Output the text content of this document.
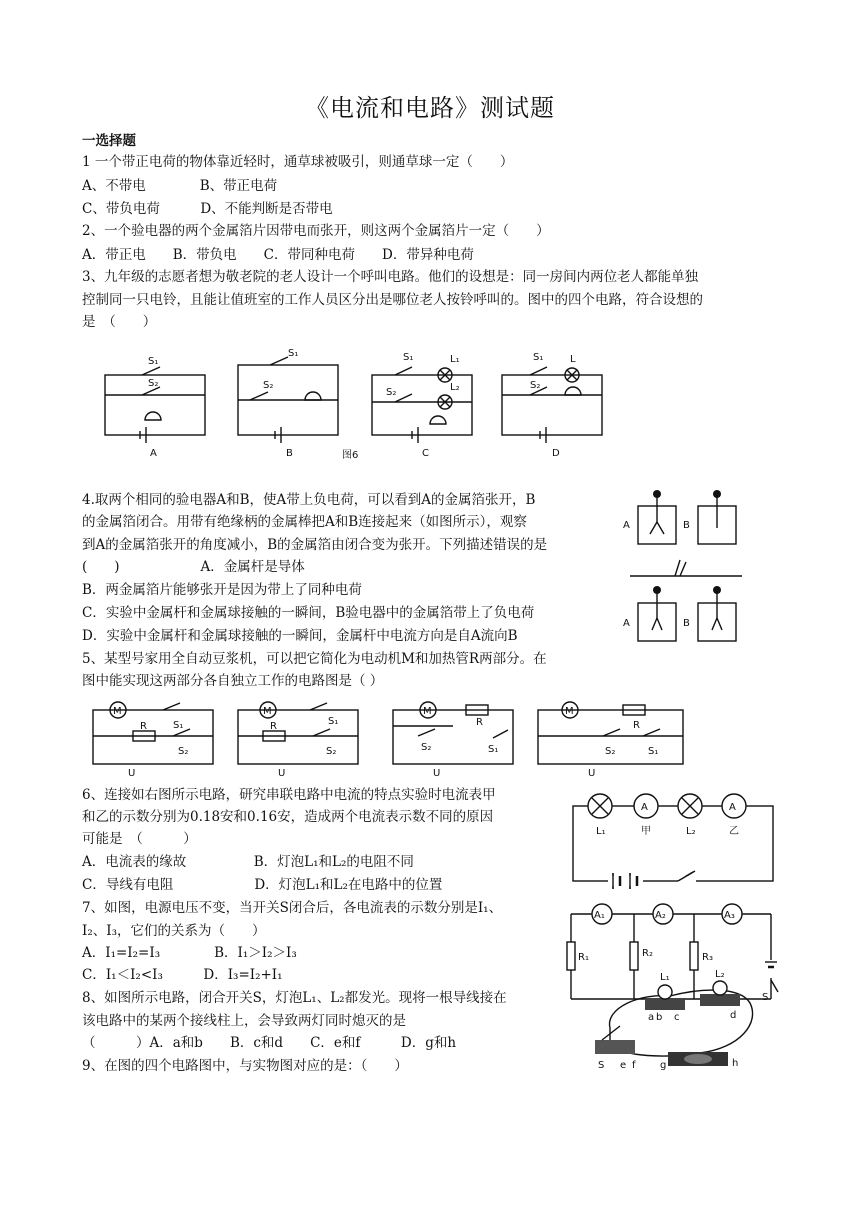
《电流和电路》测试题
一选择题
1 一个带正电荷的物体靠近轻时，通草球被吸引，则通草球一定（　　）
A、不带电　　　　B、带正电荷
C、带负电荷　　　D、不能判断是否带电
2、一个验电器的两个金属箔片因带电而张开，则这两个金属箔片一定（　　）
A．带正电　　B．带负电　　C．带同种电荷　　D．带异种电荷
3、九年级的志愿者想为敬老院的老人设计一个呼叫电路。他们的设想是：同一房间内两位老人都能单独
控制同一只电铃，且能让值班室的工作人员区分出是哪位老人按铃呼叫的。图中的四个电路，符合设想的
是　（　　）
S₁
S₂
A
S₁
S₂
B	图6
S₁
S₂
L₁
L₂
C
S₁
S₂
L
D
4.取两个相同的验电器A和B，使A带上负电荷，可以看到A的金属箔张开，B
的金属箔闭合。用带有绝缘柄的金属棒把A和B连接起来（如图所示），观察
到A的金属箔张开的角度减小，B的金属箔由闭合变为张开。下列描述错误的是
(　　)　　　　　　A．金属杆是导体
B．两金属箔片能够张开是因为带上了同种电荷
C．实验中金属杆和金属球接触的一瞬间，B验电器中的金属箔带上了负电荷
D．实验中金属杆和金属球接触的一瞬间，金属杆中电流方向是自A流向B
A	B
A	B
5、某型号家用全自动豆浆机，可以把它简化为电动机M和加热管R两部分。在
图中能实现这两部分各自独立工作的电路图是（ ）
M
S₁
R
S₂
U
M
S₁
R
S₂
U
M
R
S₂	S₁
U
M
R
S₂	S₁
U
6、连接如右图所示电路，研究串联电路中电流的特点实验时电流表甲
和乙的示数分别为0.18安和0.16安，造成两个电流表示数不同的原因
可能是　（　　　）
A．电流表的缘故　　　　　B．灯泡L₁和L₂的电阻不同
C．导线有电阻　　　　　　D．灯泡L₁和L₂在电路中的位置
A	A
L₁	甲	L₂	乙
7、如图，电源电压不变，当开关S闭合后，各电流表的示数分别是I₁、
I₂、I₃，它们的关系为（　　）
A．I₁=I₂=I₃　　　　B．I₁＞I₂＞I₃
C．I₁＜I₂<I₃　　　D．I₃=I₂+I₁
A₁	A₂	A₃
R₁	R₂	R₃
S
8、如图所示电路，闭合开关S，灯泡L₁、L₂都发光。现将一根导线接在
该电路中的某两个接线柱上，会导致两灯同时熄灭的是
（　　　）A．a和b　　B．c和d　　C．e和f　　　D．g和h
9、在图的四个电路图中，与实物图对应的是：（　　）
L₁
a b c
L₂
d
S e f g	h
